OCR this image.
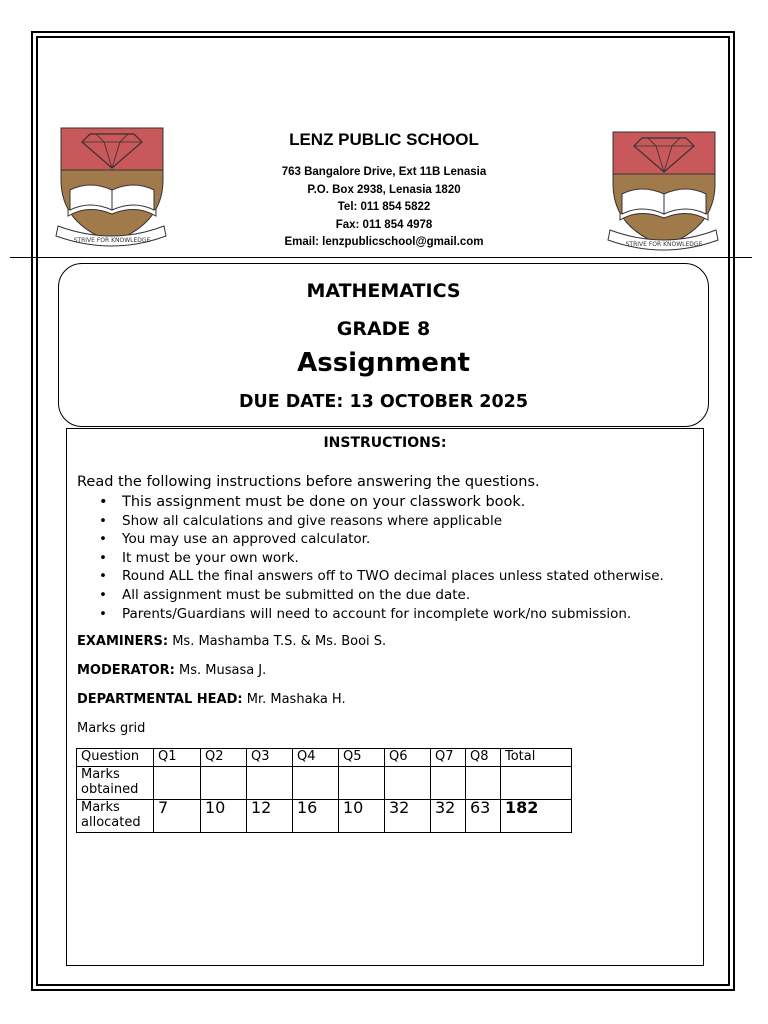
STRIVE FOR KNOWLEDGE
STRIVE FOR KNOWLEDGE
LENZ PUBLIC SCHOOL
763 Bangalore Drive, Ext 11B Lenasia
P.O. Box 2938, Lenasia 1820
Tel: 011 854 5822
Fax: 011 854 4978
Email: lenzpublicschool@gmail.com
MATHEMATICS
GRADE 8
Assignment
DUE DATE: 13 OCTOBER 2025
INSTRUCTIONS:
Read the following instructions before answering the questions.
• This assignment must be done on your classwork book.
• Show all calculations and give reasons where applicable
• You may use an approved calculator.
• It must be your own work.
• Round ALL the final answers off to TWO decimal places unless stated otherwise.
• All assignment must be submitted on the due date.
• Parents/Guardians will need to account for incomplete work/no submission.
EXAMINERS: Ms. Mashamba T.S. & Ms. Booi S.
MODERATOR: Ms. Musasa J.
DEPARTMENTAL HEAD: Mr. Mashaka H.
Marks grid
Question	Q1	Q2	Q3	Q4	Q5	Q6	Q7	Q8	Total
Marks obtained									
Marks allocated	7	10	12	16	10	32	32	63	182
